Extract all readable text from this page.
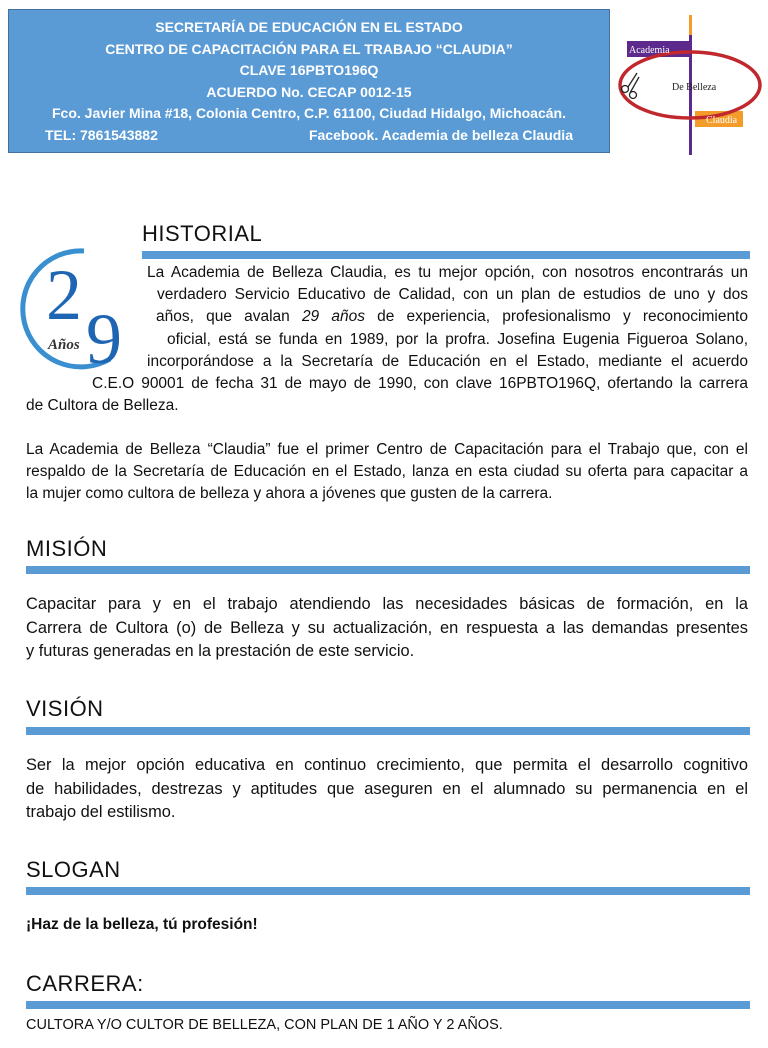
SECRETARÍA DE EDUCACIÓN EN EL ESTADO
CENTRO DE CAPACITACIÓN PARA EL TRABAJO “CLAUDIA”
CLAVE 16PBTO196Q
ACUERDO No. CECAP 0012-15
Fco. Javier Mina #18, Colonia Centro, C.P. 61100, Ciudad Hidalgo, Michoacán.
TEL: 7861543882	Facebook. Academia de belleza Claudia
Academia
De Belleza
Claudia
HISTORIAL
2
9
Años
La Academia de Belleza Claudia, es tu mejor opción, con nosotros encontrarás un
verdadero Servicio Educativo de Calidad, con un plan de estudios de uno y dos
años, que avalan 29 años de experiencia, profesionalismo y reconocimiento
oficial, está se funda en 1989, por la profra. Josefina Eugenia Figueroa Solano,
incorporándose a la Secretaría de Educación en el Estado, mediante el acuerdo
C.E.O 90001 de fecha 31 de mayo de 1990, con clave 16PBTO196Q, ofertando la carrera
de Cultora de Belleza.
La Academia de Belleza “Claudia” fue el primer Centro de Capacitación para el Trabajo que, con el
respaldo de la Secretaría de Educación en el Estado, lanza en esta ciudad su oferta para capacitar a
la mujer como cultora de belleza y ahora a jóvenes que gusten de la carrera.
MISIÓN
Capacitar para y en el trabajo atendiendo las necesidades básicas de formación, en la
Carrera de Cultora (o) de Belleza y su actualización, en respuesta a las demandas presentes
y futuras generadas en la prestación de este servicio.
VISIÓN
Ser la mejor opción educativa en continuo crecimiento, que permita el desarrollo cognitivo
de habilidades, destrezas y aptitudes que aseguren en el alumnado su permanencia en el
trabajo del estilismo.
SLOGAN
¡Haz de la belleza, tú profesión!
CARRERA:
CULTORA Y/O CULTOR DE BELLEZA, CON PLAN DE 1 AÑO Y 2 AÑOS.
